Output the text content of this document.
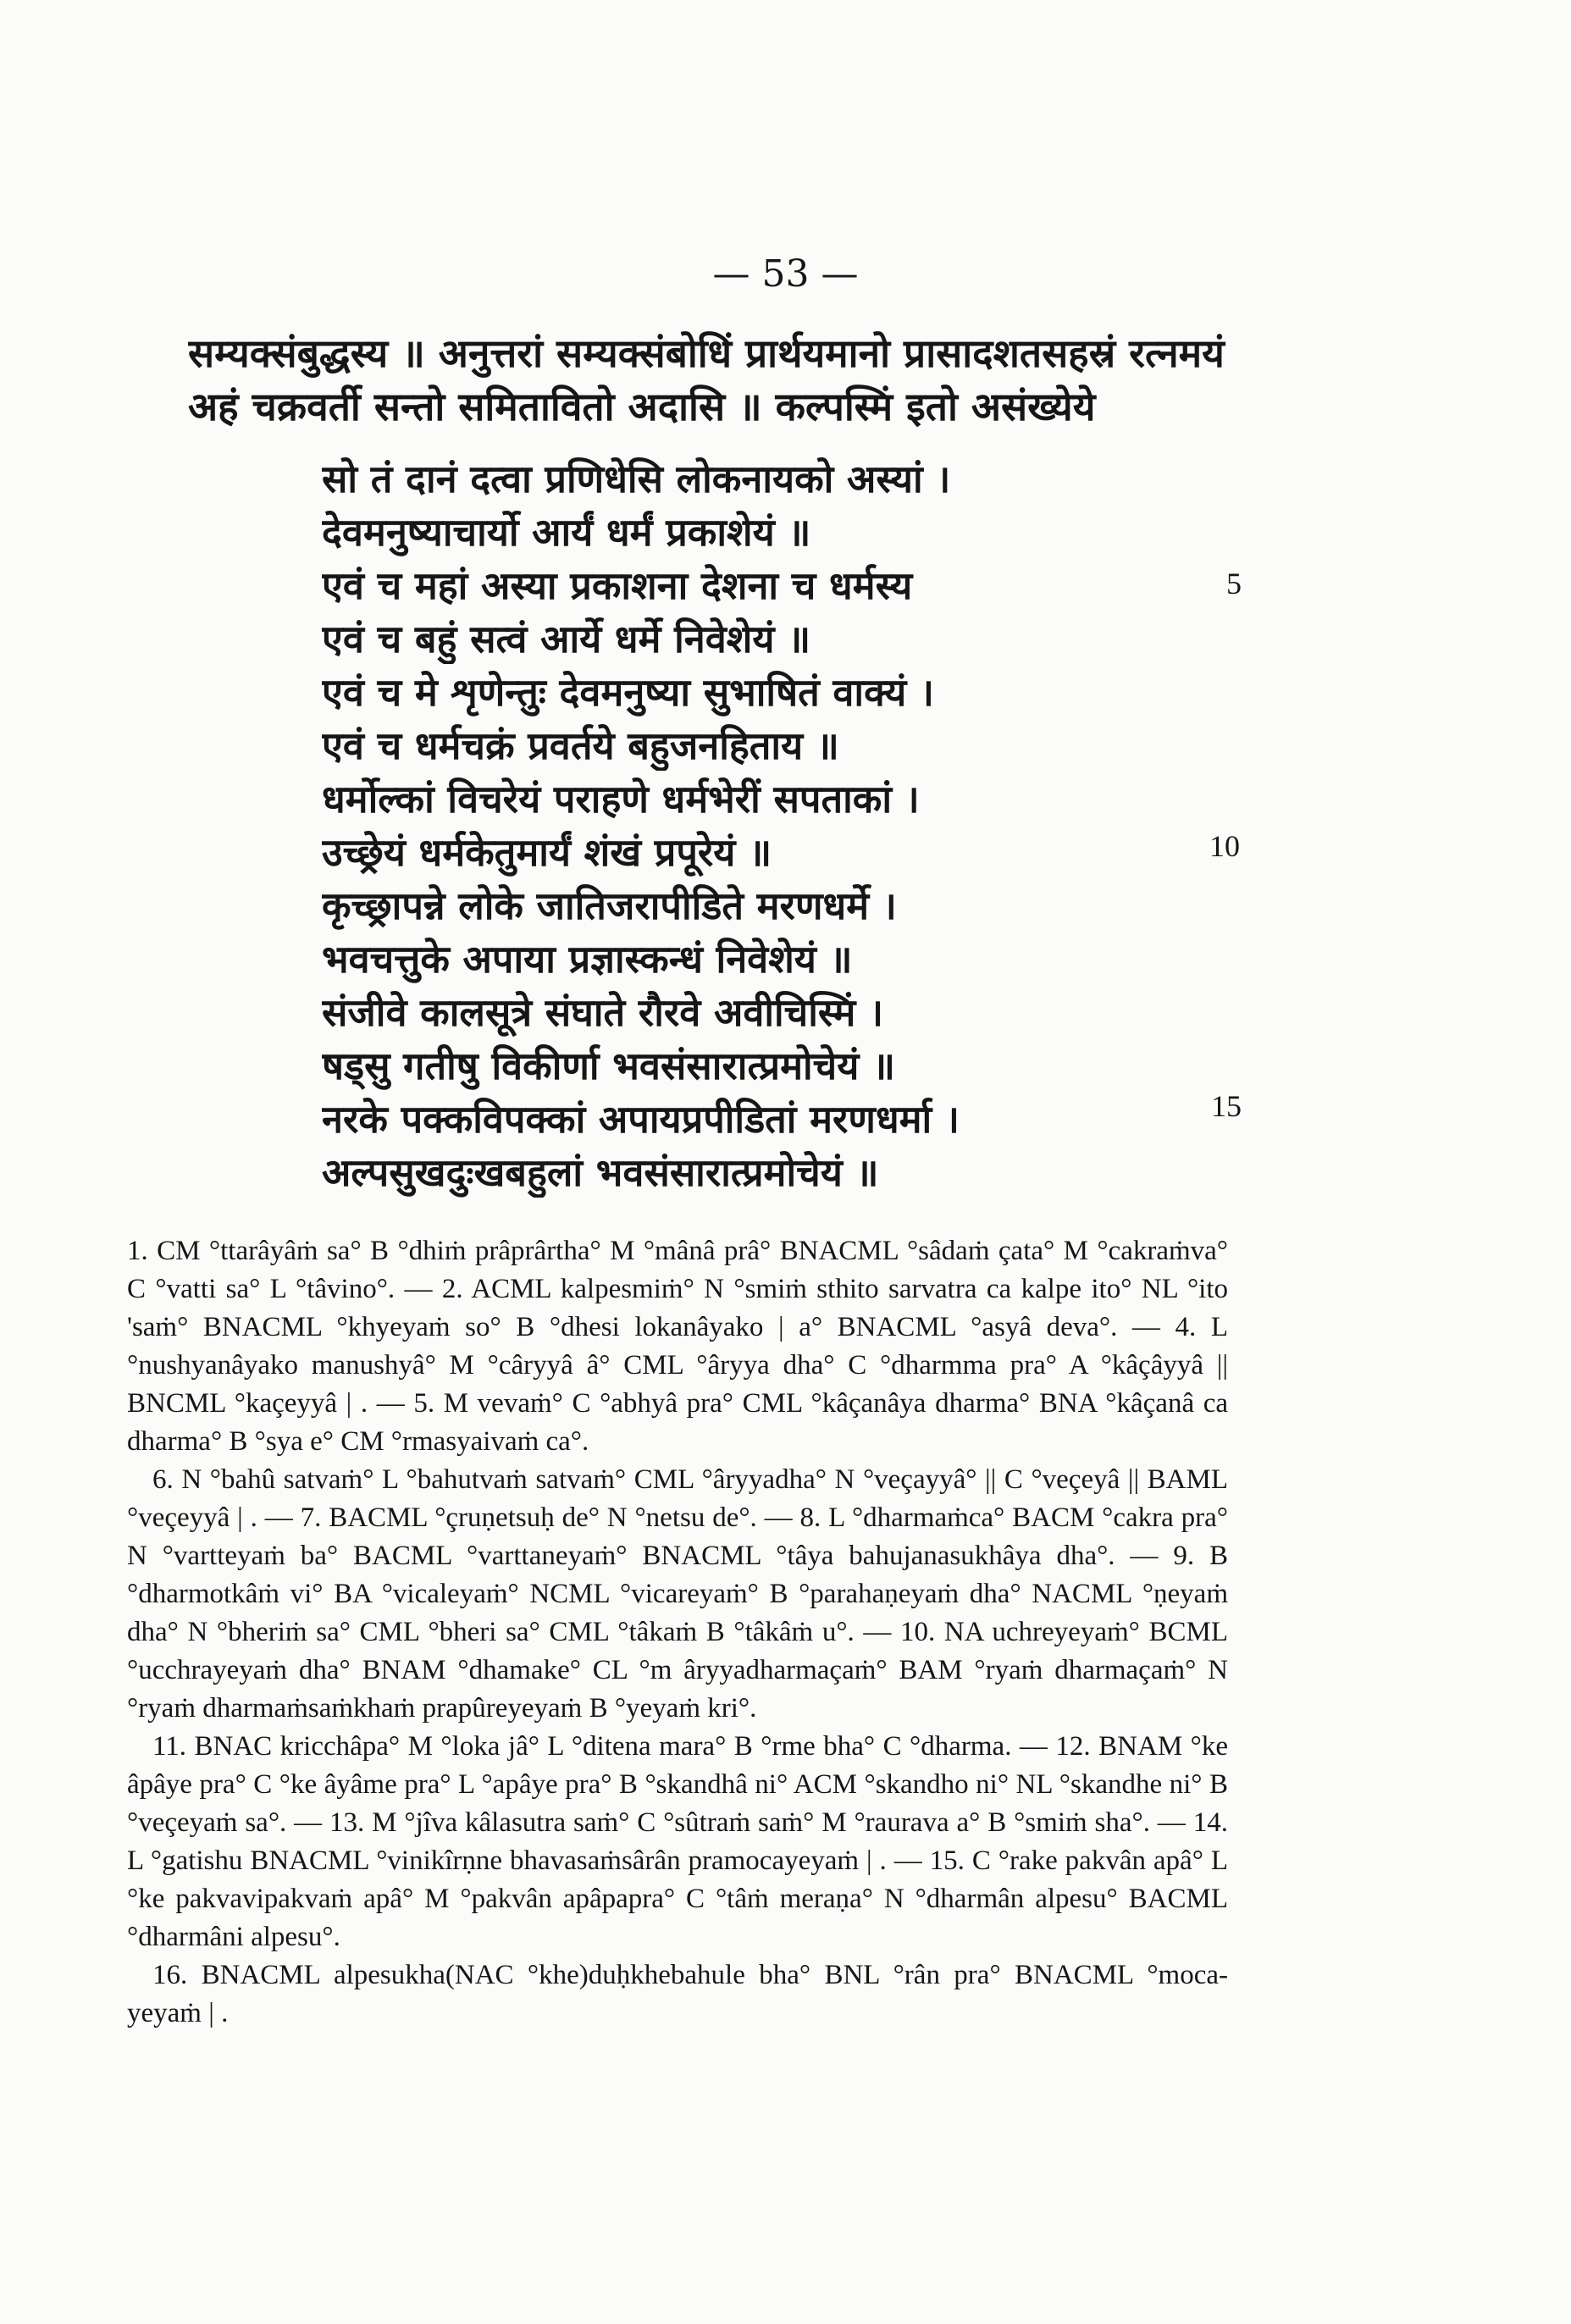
— 53 —
सम्यक्संबुद्धस्य ॥ अनुत्तरां सम्यक्संबोधिं प्रार्थयमानो प्रासादशतसहस्रं रत्नमयं
अहं चक्रवर्ती सन्तो समितावितो अदासि ॥ कल्पस्मिं इतो असंख्येये
सो तं दानं दत्वा प्रणिधेसि लोकनायको अस्यां ।
देवमनुष्याचार्यो आर्यं धर्मं प्रकाशेयं ॥
एवं च महां अस्या प्रकाशना देशना च धर्मस्य
एवं च बहुं सत्वं आर्ये धर्मे निवेशेयं ॥
एवं च मे शृणेन्तुः देवमनुष्या सुभाषितं वाक्यं ।
एवं च धर्मचक्रं प्रवर्तये बहुजनहिताय ॥
धर्मोल्कां विचरेयं पराहणे धर्मभेरीं सपताकां ।
उच्छ्रेयं धर्मकेतुमार्यं शंखं प्रपूरेयं ॥
कृच्छ्रापन्ने लोके जातिजरापीडिते मरणधर्मे ।
भवचत्तुके अपाया प्रज्ञास्कन्धं निवेशेयं ॥
संजीवे कालसूत्रे संघाते रौरवे अवीचिस्मिं ।
षड्सु गतीषु विकीर्णा भवसंसारात्प्रमोचेयं ॥
नरके पक्कविपक्कां अपायप्रपीडितां मरणधर्मा ।
अल्पसुखदुःखबहुलां भवसंसारात्प्रमोचेयं ॥
5
10
15

1. CM °ttarâyâṁ sa° B °dhiṁ prâprârtha° M °mânâ prâ° BNACML °sâdaṁ çata° M °cakraṁva° C °vatti sa° L °tâvino°. — 2. ACML kalpesmiṁ° N °smiṁ sthito sarvatra ca kalpe ito° NL °ito 'saṁ° BNACML °khyeyaṁ so° B °dhesi lokanâyako | a° BNACML °asyâ deva°. — 4. L °nushyanâyako manushyâ° M °câryyâ â° CML °âryya dha° C °dharmma pra° A °kâçâyyâ || BNCML °kaçeyyâ | . — 5. M vevaṁ° C °abhyâ pra° CML °kâçanâya dharma° BNA °kâçanâ ca dharma° B °sya e° CM °rmasyaivaṁ ca°.

6. N °bahû satvaṁ° L °bahutvaṁ satvaṁ° CML °âryyadha° N °veçayyâ° || C °veçeyâ || BAML °veçeyyâ | . — 7. BACML °çruṇetsuḥ de° N °netsu de°. — 8. L °dharmaṁca° BACM °cakra pra° N °vartteyaṁ ba° BACML °varttaneyaṁ° BNACML °tâya bahujanasukhâya dha°. — 9. B °dharmotkâṁ vi° BA °vicaleyaṁ° NCML °vicareyaṁ° B °parahaṇeyaṁ dha° NACML °ṇeyaṁ dha° N °bheriṁ sa° CML °bheri sa° CML °tâkaṁ B °tâkâṁ u°. — 10. NA uchreyeyaṁ° BCML °ucchrayeyaṁ dha° BNAM °dhamake° CL °m âryyadharmaçaṁ° BAM °ryaṁ dharmaçaṁ° N °ryaṁ dharmaṁsaṁkhaṁ prapûreyeyaṁ B °yeyaṁ kri°.

11. BNAC kricchâpa° M °loka jâ° L °ditena mara° B °rme bha° C °dharma. — 12. BNAM °ke âpâye pra° C °ke âyâme pra° L °apâye pra° B °skandhâ ni° ACM °skandho ni° NL °skandhe ni° B °veçeyaṁ sa°. — 13. M °jîva kâlasutra saṁ° C °sûtraṁ saṁ° M °raurava a° B °smiṁ sha°. — 14. L °gatishu BNACML °vinikîrṇne bhavasaṁsârân pramocayeyaṁ | . — 15. C °rake pakvân apâ° L °ke pakvavipakvaṁ apâ° M °pakvân apâpapra° C °tâṁ meraṇa° N °dharmân alpesu° BACML °dharmâni alpesu°.

16. BNACML alpesukha(NAC °khe)duḥkhebahule bha° BNL °rân pra° BNACML °moca-yeyaṁ | .
